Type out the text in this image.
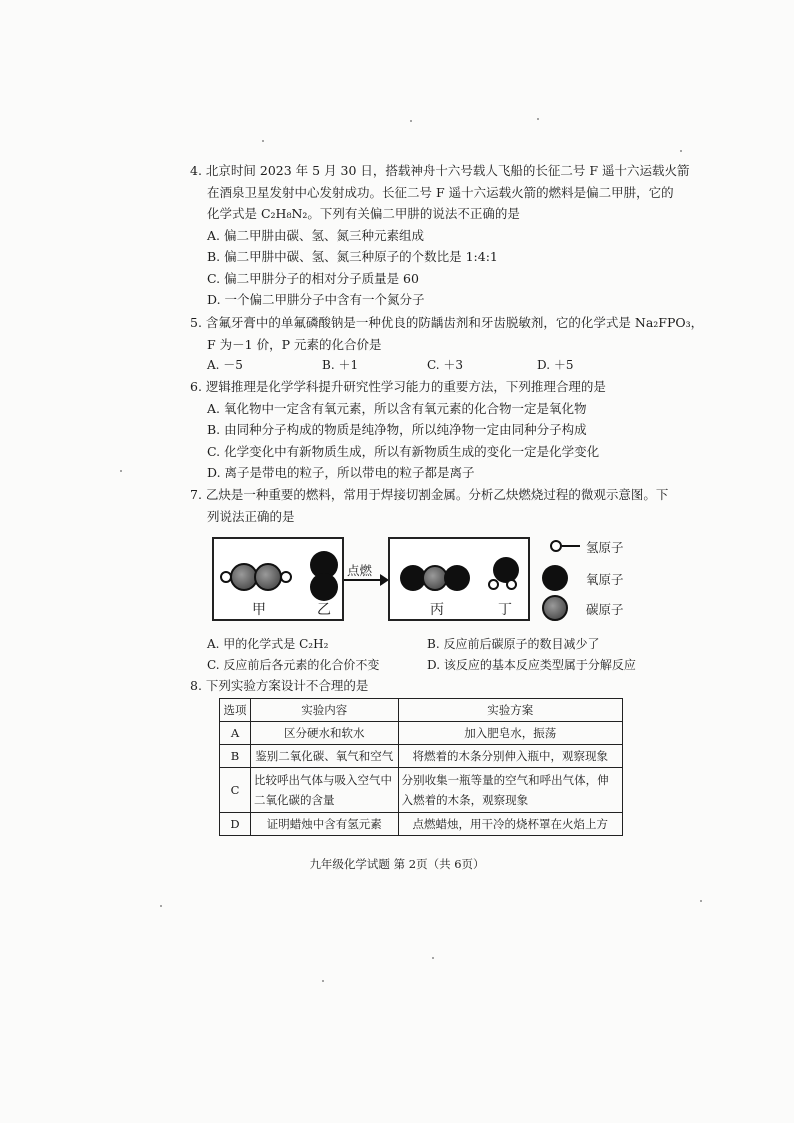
4. 北京时间 2023 年 5 月 30 日，搭载神舟十六号载人飞船的长征二号 F 遥十六运载火箭
在酒泉卫星发射中心发射成功。长征二号 F 遥十六运载火箭的燃料是偏二甲肼，它的
化学式是 C₂H₈N₂。下列有关偏二甲肼的说法不正确的是
A. 偏二甲肼由碳、氢、氮三种元素组成
B. 偏二甲肼中碳、氢、氮三种原子的个数比是 1:4:1
C. 偏二甲肼分子的相对分子质量是 60
D. 一个偏二甲肼分子中含有一个氮分子
5. 含氟牙膏中的单氟磷酸钠是一种优良的防龋齿剂和牙齿脱敏剂，它的化学式是 Na₂FPO₃，
F 为－1 价，P 元素的化合价是
A. －5	B. ＋1	C. ＋3	D. ＋5
6. 逻辑推理是化学学科提升研究性学习能力的重要方法，下列推理合理的是
A. 氧化物中一定含有氧元素，所以含有氧元素的化合物一定是氧化物
B. 由同种分子构成的物质是纯净物，所以纯净物一定由同种分子构成
C. 化学变化中有新物质生成，所以有新物质生成的变化一定是化学变化
D. 离子是带电的粒子，所以带电的粒子都是离子
7. 乙炔是一种重要的燃料，常用于焊接切割金属。分析乙炔燃烧过程的微观示意图。下
列说法正确的是
甲	乙
点燃
丙	丁
氢原子
氧原子
碳原子
A. 甲的化学式是 C₂H₂	B. 反应前后碳原子的数目减少了
C. 反应前后各元素的化合价不变	D. 该反应的基本反应类型属于分解反应
8. 下列实验方案设计不合理的是
选项	实验内容	实验方案
A	区分硬水和软水	加入肥皂水，振荡
B	鉴别二氧化碳、氧气和空气	将燃着的木条分别伸入瓶中，观察现象
C	比较呼出气体与吸入空气中二氧化碳的含量	分别收集一瓶等量的空气和呼出气体，伸入燃着的木条，观察现象
D	证明蜡烛中含有氢元素	点燃蜡烛，用干冷的烧杯罩在火焰上方
九年级化学试题 第 2页（共 6页）
